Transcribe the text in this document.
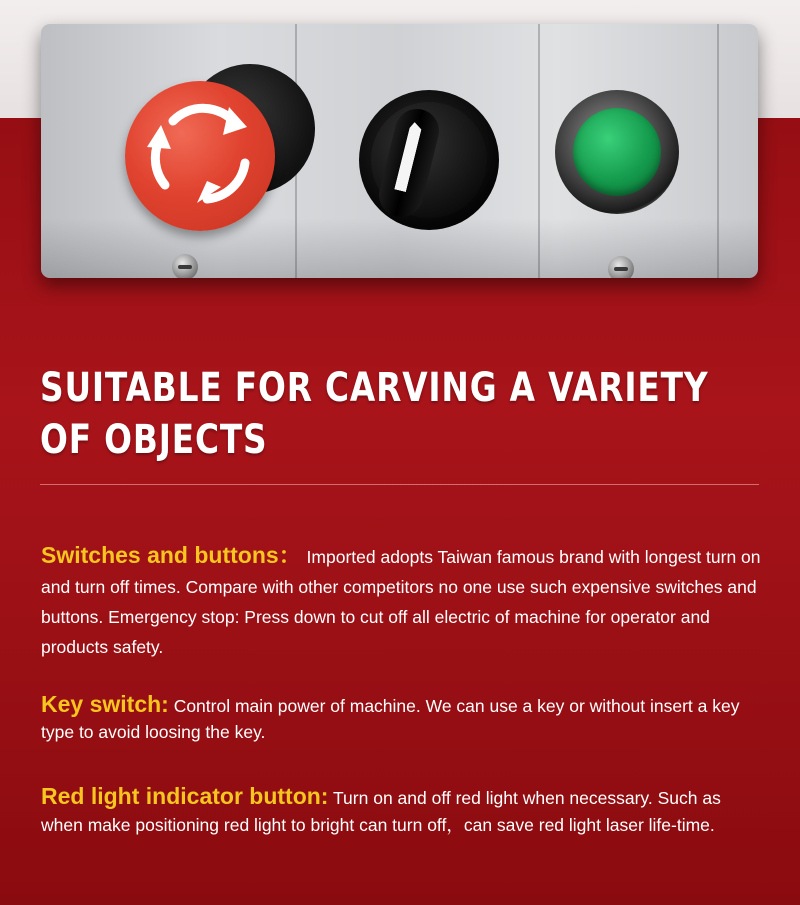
SUITABLE FOR CARVING A VARIETY
OF OBJECTS

Switches and buttons： Imported adopts Taiwan famous brand with longest turn on and turn off times. Compare with other competitors no one use such expensive switches and buttons. Emergency stop: Press down to cut off all electric of machine for operator and products safety.

Key switch: Control main power of machine. We can use a key or without insert a key type to avoid loosing the key.

Red light indicator button: Turn on and off red light when necessary. Such as when make positioning red light to bright can turn off，can save red light laser life-time.
